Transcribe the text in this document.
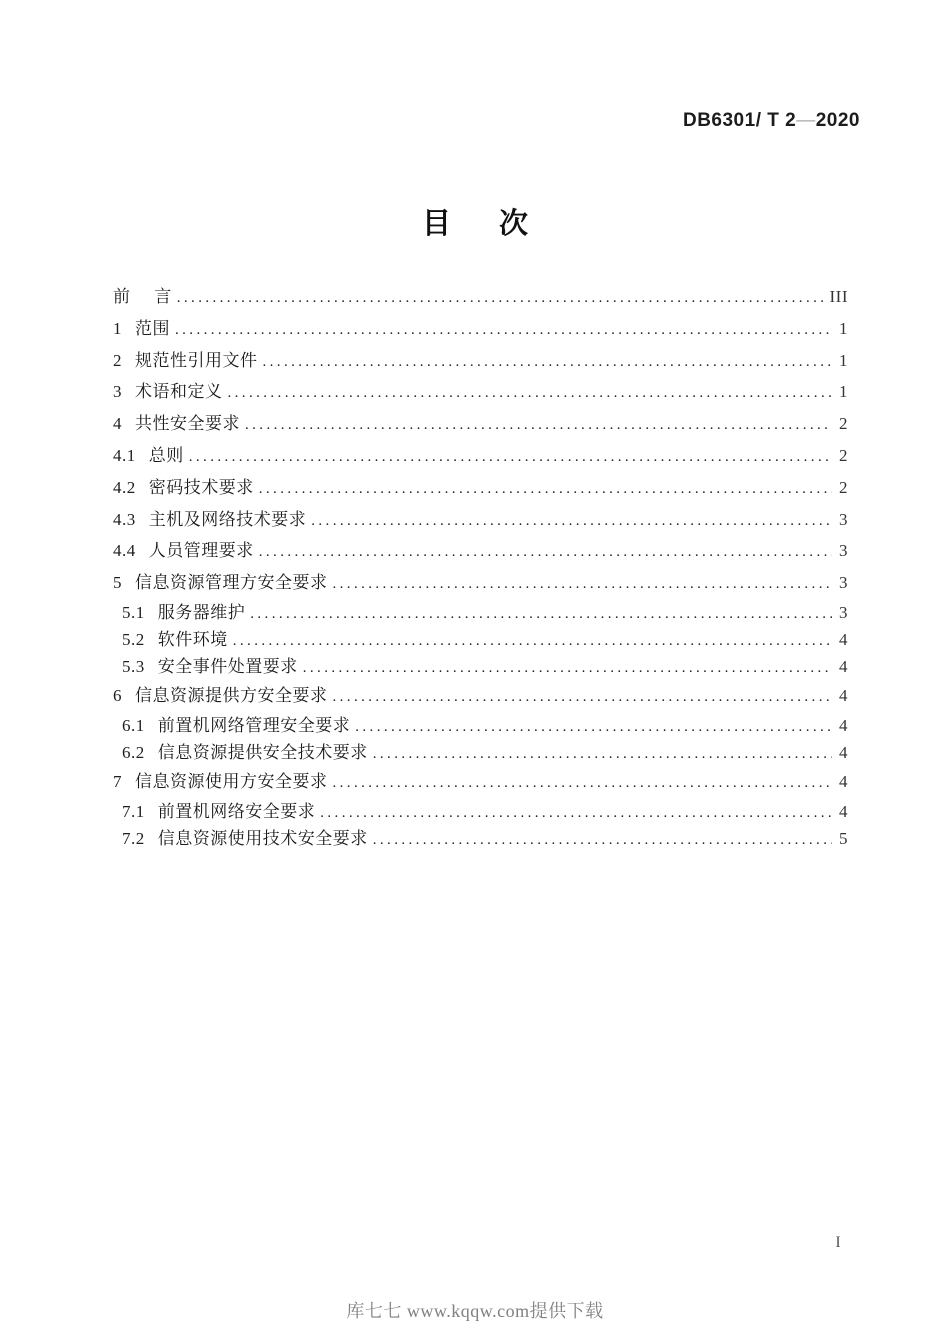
DB6301/ T 2—2020
目 次
前     言 .....	III
1 范围 .....	1
2 规范性引用文件 .....	1
3 术语和定义 .....	1
4 共性安全要求 .....	2
4.1 总则 .....	2
4.2 密码技术要求 .....	2
4.3 主机及网络技术要求 .....	3
4.4 人员管理要求 .....	3
5 信息资源管理方安全要求 .....	3
5.1 服务器维护 .....	3
5.2 软件环境 .....	4
5.3 安全事件处置要求 .....	4
6 信息资源提供方安全要求 .....	4
6.1 前置机网络管理安全要求 .....	4
6.2 信息资源提供安全技术要求 .....	4
7 信息资源使用方安全要求 .....	4
7.1 前置机网络安全要求 .....	4
7.2 信息资源使用技术安全要求 .....	5
I
库七七 www.kqqw.com提供下载
